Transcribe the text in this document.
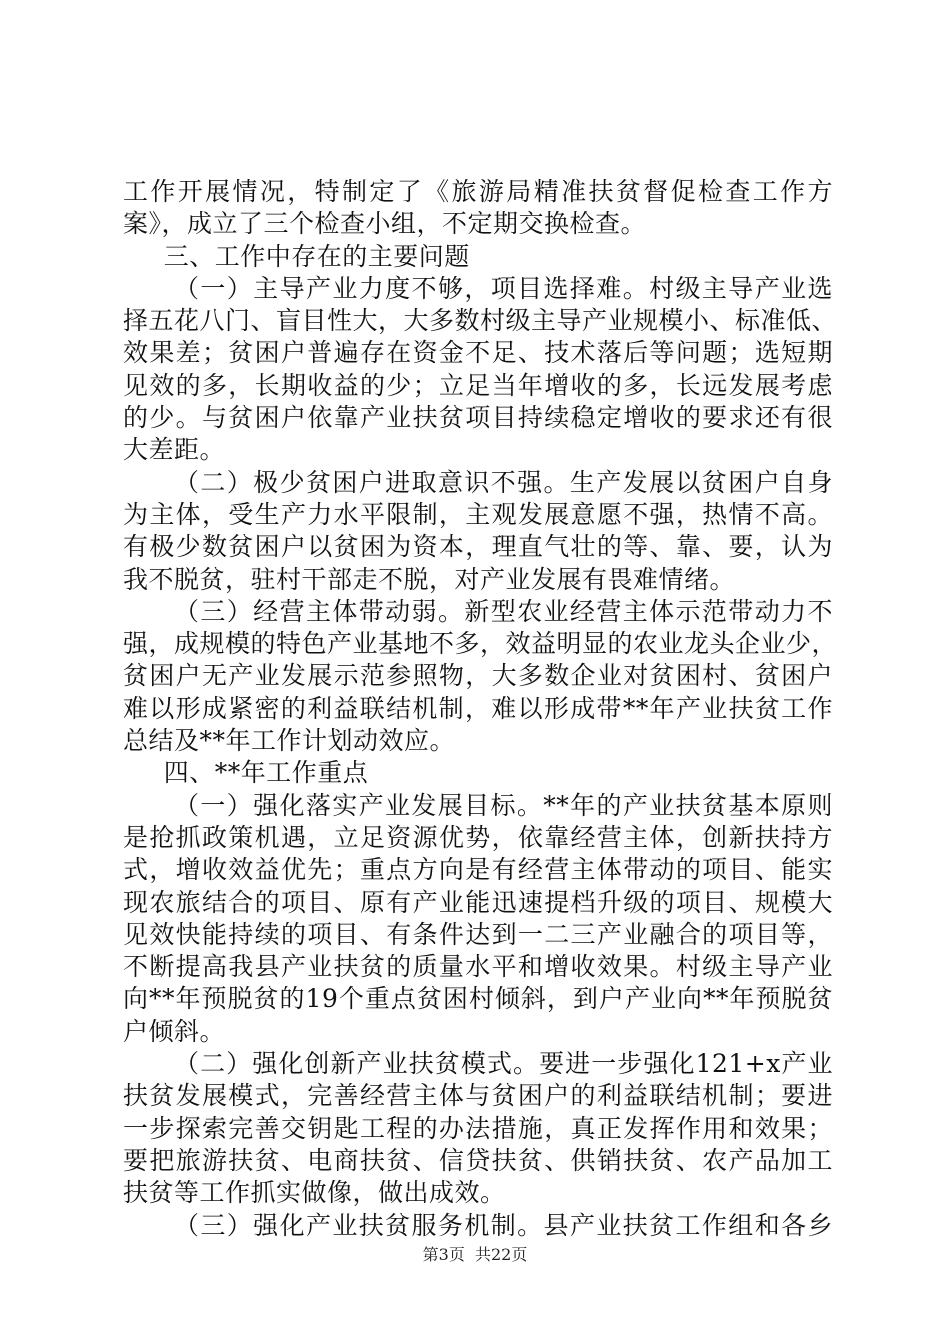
工作开展情况，特制定了《旅游局精准扶贫督促检查工作方
案》，成立了三个检查小组，不定期交换检查。
三、工作中存在的主要问题
（一）主导产业力度不够，项目选择难。村级主导产业选
择五花八门、盲目性大，大多数村级主导产业规模小、标准低、
效果差；贫困户普遍存在资金不足、技术落后等问题；选短期
见效的多，长期收益的少；立足当年增收的多，长远发展考虑
的少。与贫困户依靠产业扶贫项目持续稳定增收的要求还有很
大差距。
（二）极少贫困户进取意识不强。生产发展以贫困户自身
为主体，受生产力水平限制，主观发展意愿不强，热情不高。
有极少数贫困户以贫困为资本，理直气壮的等、靠、要，认为
我不脱贫，驻村干部走不脱，对产业发展有畏难情绪。
（三）经营主体带动弱。新型农业经营主体示范带动力不
强，成规模的特色产业基地不多，效益明显的农业龙头企业少，
贫困户无产业发展示范参照物，大多数企业对贫困村、贫困户
难以形成紧密的利益联结机制，难以形成带**年产业扶贫工作
总结及**年工作计划动效应。
四、**年工作重点
（一）强化落实产业发展目标。**年的产业扶贫基本原则
是抢抓政策机遇，立足资源优势，依靠经营主体，创新扶持方
式，增收效益优先；重点方向是有经营主体带动的项目、能实
现农旅结合的项目、原有产业能迅速提档升级的项目、规模大
见效快能持续的项目、有条件达到一二三产业融合的项目等，
不断提高我县产业扶贫的质量水平和增收效果。村级主导产业
向**年预脱贫的19个重点贫困村倾斜，到户产业向**年预脱贫
户倾斜。
（二）强化创新产业扶贫模式。要进一步强化121+x产业
扶贫发展模式，完善经营主体与贫困户的利益联结机制；要进
一步探索完善交钥匙工程的办法措施，真正发挥作用和效果；
要把旅游扶贫、电商扶贫、信贷扶贫、供销扶贫、农产品加工
扶贫等工作抓实做像，做出成效。
（三）强化产业扶贫服务机制。县产业扶贫工作组和各乡
第3页  共22页
